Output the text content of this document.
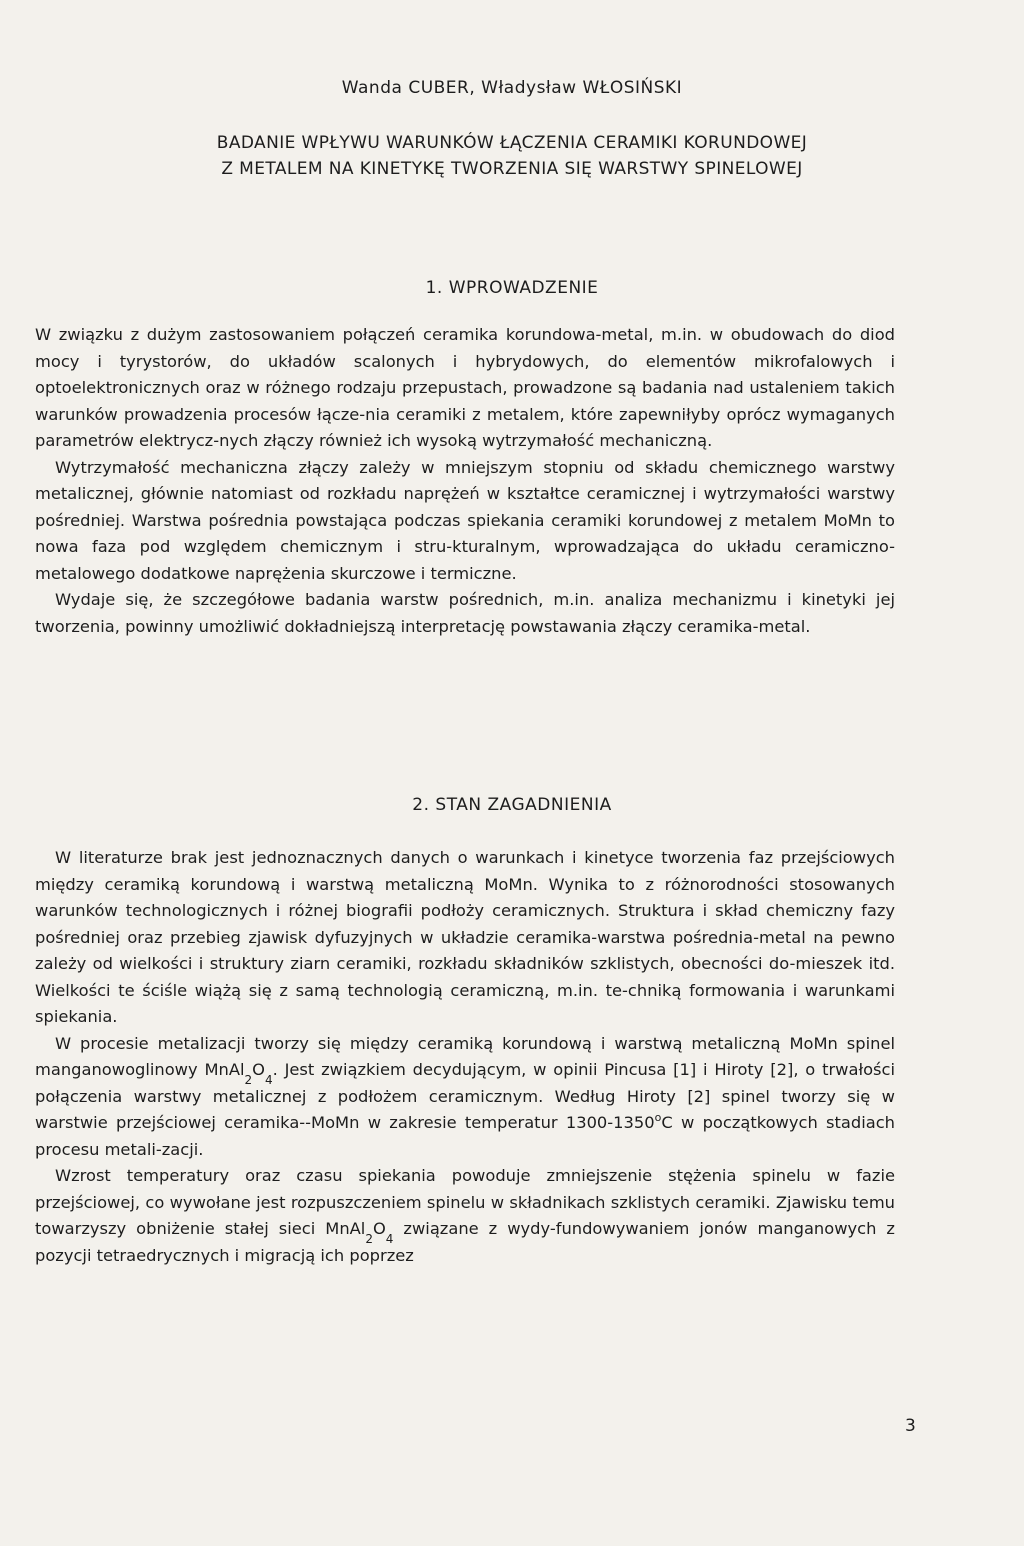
Wanda CUBER, Władysław WŁOSIŃSKI
BADANIE WPŁYWU WARUNKÓW ŁĄCZENIA CERAMIKI KORUNDOWEJ
Z METALEM NA KINETYKĘ TWORZENIA SIĘ WARSTWY SPINELOWEJ
1. WPROWADZENIE

W związku z dużym zastosowaniem połączeń ceramika korundowa-metal, m.in. w obudowach do diod mocy i tyrystorów, do układów scalonych i hybrydowych, do elementów mikrofalowych i optoelektronicznych oraz w różnego rodzaju przepustach, prowadzone są badania nad ustaleniem takich warunków prowadzenia procesów łącze-nia ceramiki z metalem, które zapewniłyby oprócz wymaganych parametrów elektrycz-nych złączy również ich wysoką wytrzymałość mechaniczną.

Wytrzymałość mechaniczna złączy zależy w mniejszym stopniu od składu chemicznego warstwy metalicznej, głównie natomiast od rozkładu naprężeń w kształtce ceramicznej i wytrzymałości warstwy pośredniej. Warstwa pośrednia powstająca podczas spiekania ceramiki korundowej z metalem MoMn to nowa faza pod względem chemicznym i stru-kturalnym, wprowadzająca do układu ceramiczno-metalowego dodatkowe naprężenia skurczowe i termiczne.

Wydaje się, że szczegółowe badania warstw pośrednich, m.in. analiza mechanizmu i kinetyki jej tworzenia, powinny umożliwić dokładniejszą interpretację powstawania złączy ceramika-metal.

2. STAN ZAGADNIENIA

W literaturze brak jest jednoznacznych danych o warunkach i kinetyce tworzenia faz przejściowych między ceramiką korundową i warstwą metaliczną MoMn. Wynika to z różnorodności stosowanych warunków technologicznych i różnej biografii podłoży ceramicznych. Struktura i skład chemiczny fazy pośredniej oraz przebieg zjawisk dyfuzyjnych w układzie ceramika-warstwa pośrednia-metal na pewno zależy od wielkości i struktury ziarn ceramiki, rozkładu składników szklistych, obecności do-mieszek itd. Wielkości te ściśle wiążą się z samą technologią ceramiczną, m.in. te-chniką formowania i warunkami spiekania.

W procesie metalizacji tworzy się między ceramiką korundową i warstwą metaliczną MoMn spinel manganowoglinowy $MnAl_2O_4$. Jest związkiem decydującym, w opinii Pincusa [1] i Hiroty [2], o trwałości połączenia warstwy metalicznej z podłożem ceramicznym. Według Hiroty [2] spinel tworzy się w warstwie przejściowej ceramika--MoMn w zakresie temperatur 1300-1350$^o$C w początkowych stadiach procesu metali-zacji.

Wzrost temperatury oraz czasu spiekania powoduje zmniejszenie stężenia spinelu w fazie przejściowej, co wywołane jest rozpuszczeniem spinelu w składnikach szklistych ceramiki. Zjawisku temu towarzyszy obniżenie stałej sieci $MnAl_2O_4$ związane z wydy-fundowywaniem jonów manganowych z pozycji tetraedrycznych i migracją ich poprzez

3
